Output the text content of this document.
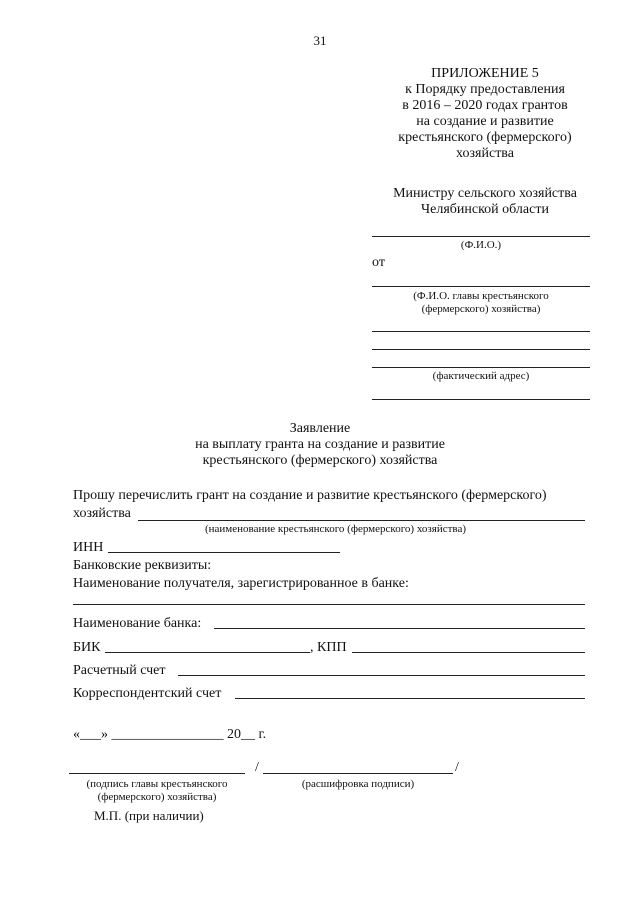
31
ПРИЛОЖЕНИЕ 5
к Порядку предоставления
в 2016 – 2020 годах грантов
на создание и развитие
крестьянского (фермерского)
хозяйства
Министру сельского хозяйства
Челябинской области
(Ф.И.О.)
от
(Ф.И.О. главы крестьянского
(фермерского) хозяйства)
(фактический адрес)
Заявление
на выплату гранта на создание и развитие
крестьянского (фермерского) хозяйства
Прошу перечислить грант на создание и развитие крестьянского (фермерского)
хозяйства
(наименование крестьянского (фермерского) хозяйства)
ИНН
Банковские реквизиты:
Наименование получателя, зарегистрированное в банке:
Наименование банка:
БИК	, КПП
Расчетный счет
Корреспондентский счет
«___» ________________ 20__ г.
/	/
(подпись главы крестьянского
(фермерского) хозяйства)
(расшифровка подписи)
М.П. (при наличии)
